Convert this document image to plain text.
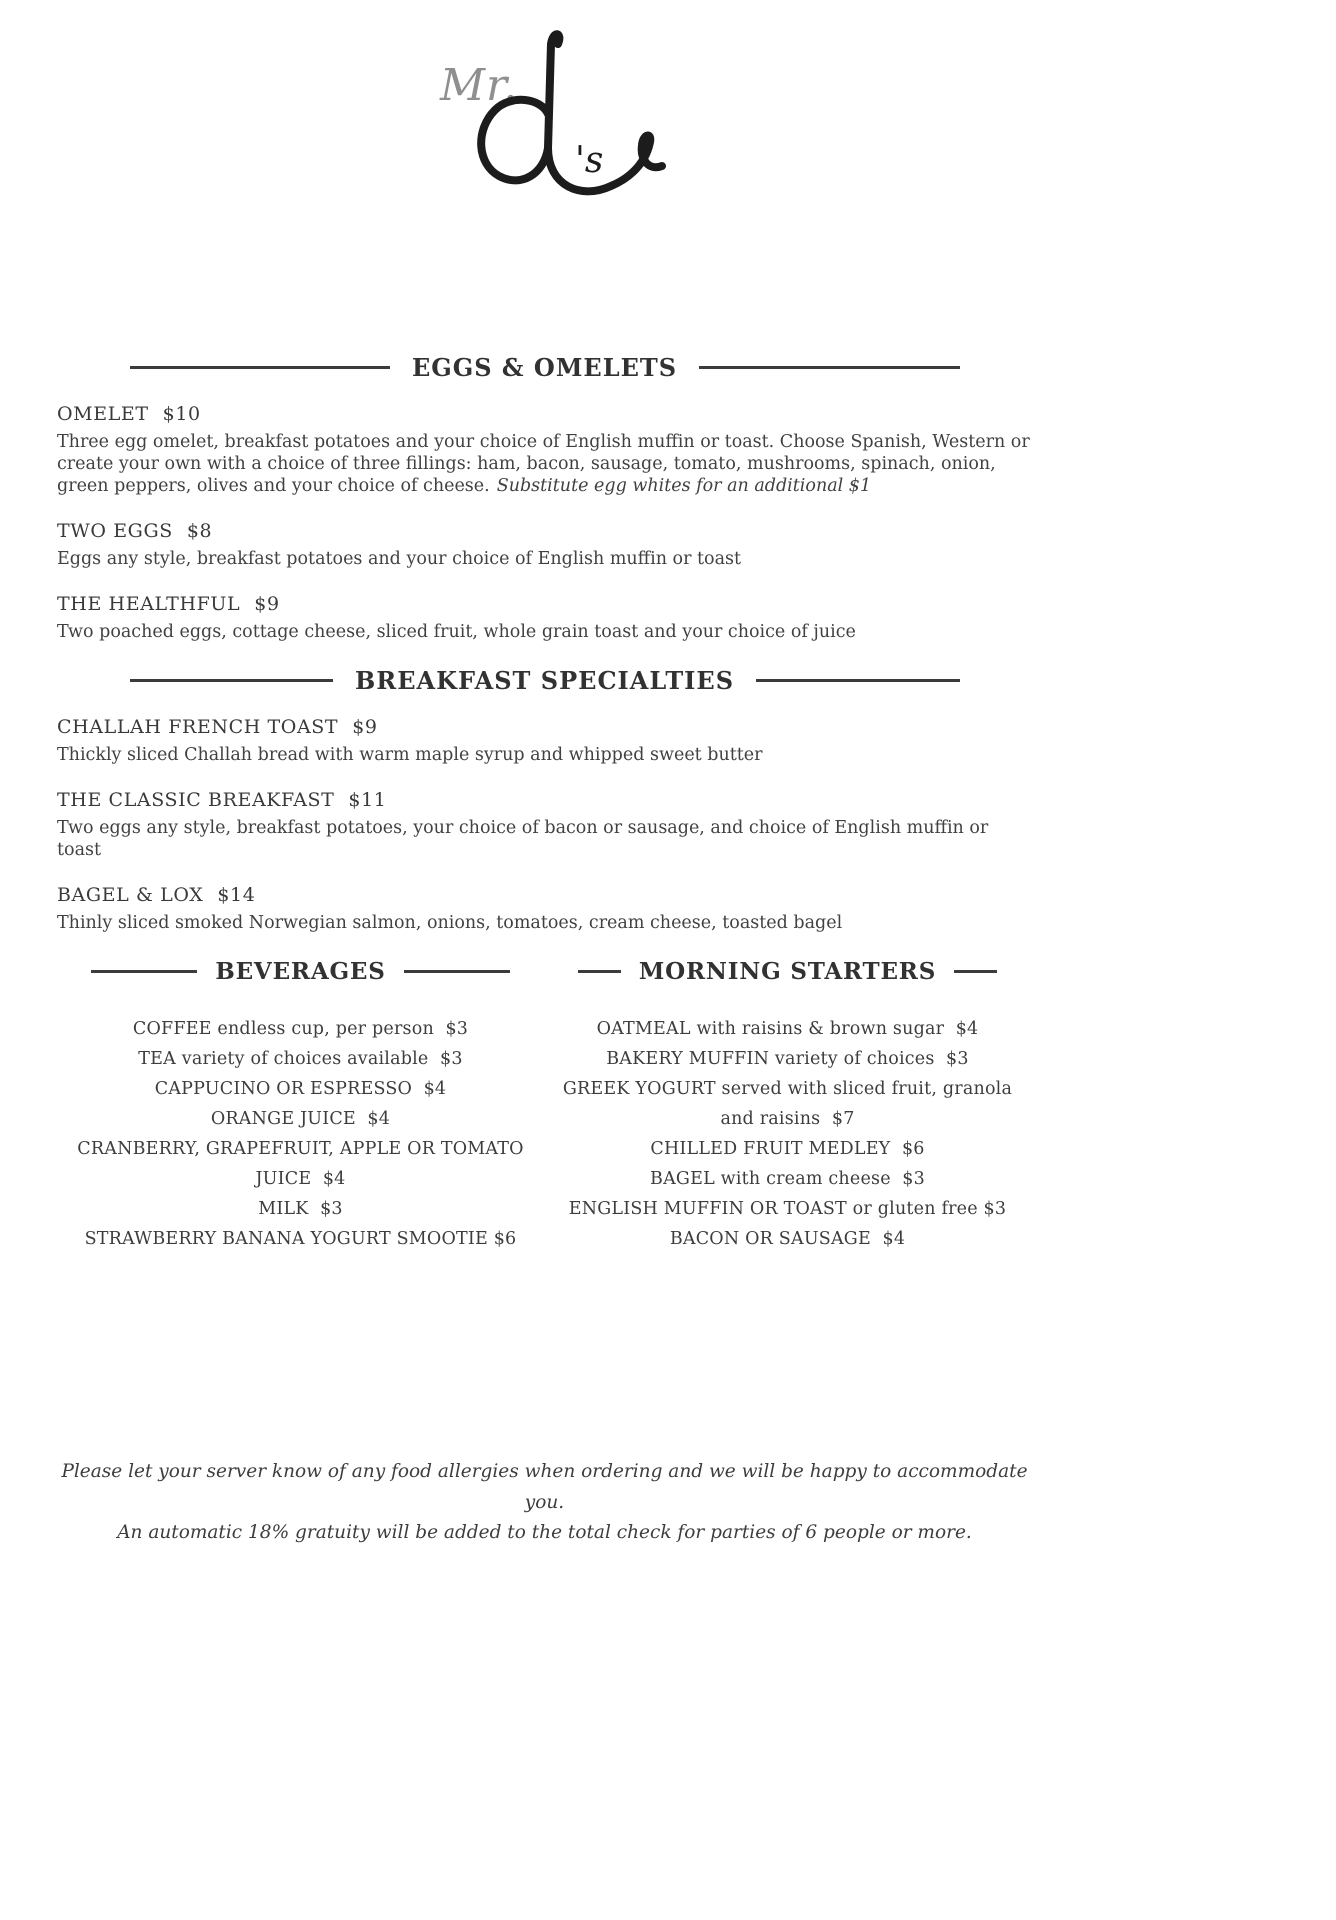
Mr.
's
EGGS & OMELETS
OMELET $10

Three egg omelet, breakfast potatoes and your choice of English muffin or toast. Choose Spanish, Western or create your own with a choice of three fillings: ham, bacon, sausage, tomato, mushrooms, spinach, onion, green peppers, olives and your choice of cheese. Substitute egg whites for an additional $1

TWO EGGS $8

Eggs any style, breakfast potatoes and your choice of English muffin or toast

THE HEALTHFUL $9

Two poached eggs, cottage cheese, sliced fruit, whole grain toast and your choice of juice

BREAKFAST SPECIALTIES
CHALLAH FRENCH TOAST $9

Thickly sliced Challah bread with warm maple syrup and whipped sweet butter

THE CLASSIC BREAKFAST $11

Two eggs any style, breakfast potatoes, your choice of bacon or sausage, and choice of English muffin or toast

BAGEL & LOX $14

Thinly sliced smoked Norwegian salmon, onions, tomatoes, cream cheese, toasted bagel

BEVERAGES
COFFEE endless cup, per person  $3
TEA variety of choices available  $3
CAPPUCINO OR ESPRESSO  $4
ORANGE JUICE  $4
CRANBERRY, GRAPEFRUIT, APPLE OR TOMATO JUICE  $4
MILK  $3
STRAWBERRY BANANA YOGURT SMOOTIE $6
MORNING STARTERS
OATMEAL with raisins & brown sugar  $4
BAKERY MUFFIN variety of choices  $3
GREEK YOGURT served with sliced fruit, granola and raisins  $7
CHILLED FRUIT MEDLEY  $6
BAGEL with cream cheese  $3
ENGLISH MUFFIN OR TOAST or gluten free $3
BACON OR SAUSAGE  $4

Please let your server know of any food allergies when ordering and we will be happy to accommodate you.

An automatic 18% gratuity will be added to the total check for parties of 6 people or more.
